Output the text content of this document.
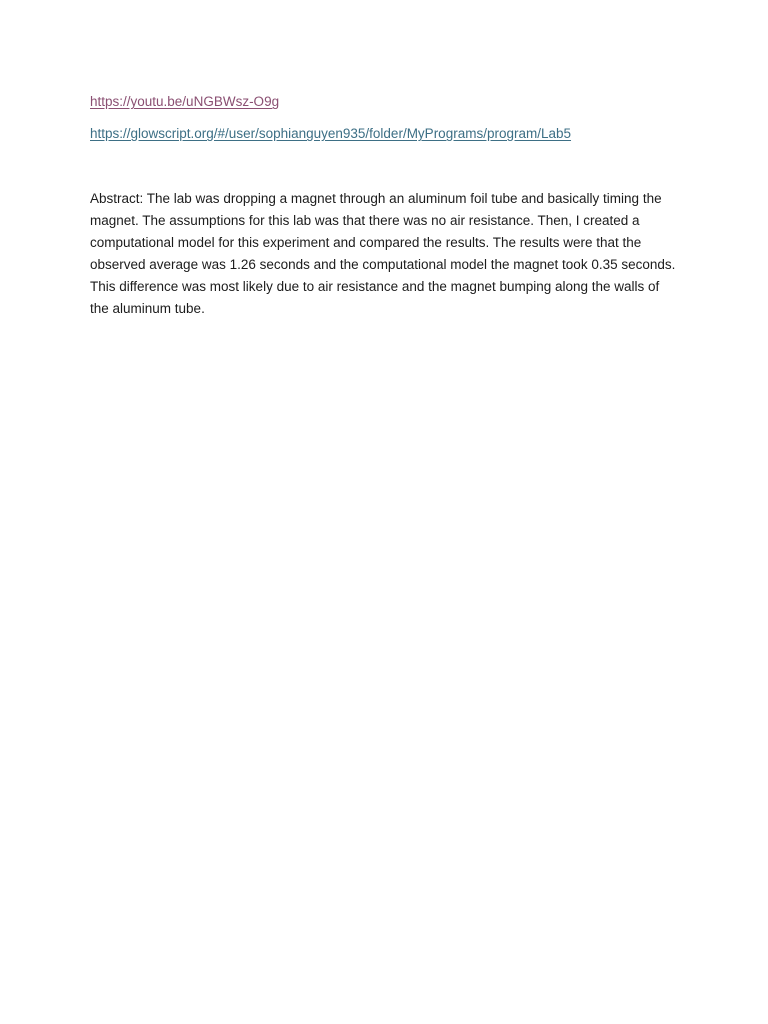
https://youtu.be/uNGBWsz-O9g
https://glowscript.org/#/user/sophianguyen935/folder/MyPrograms/program/Lab5

Abstract: The lab was dropping a magnet through an aluminum foil tube and basically timing the magnet. The assumptions for this lab was that there was no air resistance. Then, I created a computational model for this experiment and compared the results. The results were that the observed average was 1.26 seconds and the computational model the magnet took 0.35 seconds. This difference was most likely due to air resistance and the magnet bumping along the walls of the aluminum tube.
